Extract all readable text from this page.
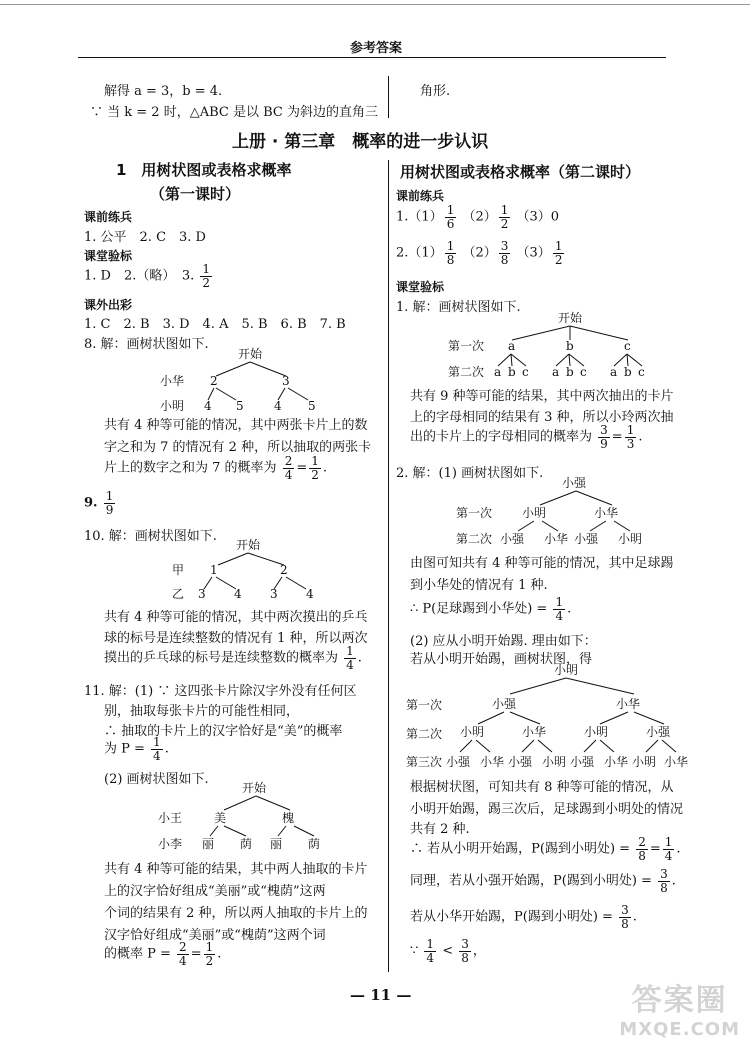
参考答案
解得 a = 3，b = 4.
∵ 当 k = 2 时，△ABC 是以 BC 为斜边的直角三
角形.
上册 · 第三章　概率的进一步认识
1　用树状图或表格求概率
（第一课时）
课前练兵
1. 公平　2. C　3. D
课堂验标
1. D　2.（略）　3. $\frac{1}{2}$
课外出彩
1. C　2. B　3. D　4. A　5. B　6. B　7. B
8. 解：画树状图如下.
开始
小华 2	3
小明 4 5	4 5
共有 4 种等可能的情况，其中两张卡片上的数
字之和为 7 的情况有 2 种，所以抽取的两张卡
片上的数字之和为 7 的概率为 $\frac{2}{4} = \frac{1}{2}$ .
9. $\frac{1}{9}$
10. 解：画树状图如下.
开始
甲 1	2
乙 3 4 3 4
共有 4 种等可能的情况，其中两次摸出的乒乓
球的标号是连续整数的情况有 1 种，所以两次
摸出的乒乓球的标号是连续整数的概率为 $\frac{1}{4}$ .
11. 解：(1) ∵ 这四张卡片除汉字外没有任何区
别，抽取每张卡片的可能性相同，
∴ 抽取的卡片上的汉字恰好是“美”的概率
为 $P = \frac{1}{4}$ .
(2) 画树状图如下.
开始
小王	美	槐
小李 丽 荫 丽 荫
共有 4 种等可能的结果，其中两人抽取的卡片
上的汉字恰好组成“美丽”或“槐荫”这两
个词的结果有 2 种，所以两人抽取的卡片上的
汉字恰好组成“美丽”或“槐荫”这两个词
的概率 $P = \frac{2}{4} = \frac{1}{2}$ .
用树状图或表格求概率（第二课时）
课前练兵
$1.(1) \frac{1}{6} (2) \frac{1}{2} (3)0$
$2.(1) \frac{1}{8} (2) \frac{3}{8} (3) \frac{1}{2}$
课堂验标
1. 解：画树状图如下.
开始
第一次 a	b	c
第二次 a b c a b c a b c
共有 9 种等可能的结果，其中两次抽出的卡片
上的字母相同的结果有 3 种，所以小玲两次抽
出的卡片上的字母相同的概率为 $\frac{3}{9} = \frac{1}{3}$ .
2. 解：(1) 画树状图如下.
小强
第一次 小明	小华
第二次 小强 小华 小强 小明
由图可知共有 4 种等可能的情况，其中足球踢
到小华处的情况有 1 种.
∴ P(足球踢到小华处) = $\frac{1}{4}$ .
(2) 应从小明开始踢. 理由如下：
若从小明开始踢，画树状图，得
小明
第一次	小强	小华
第二次 小明	小华	小明	小强
第三次 小强 小华 小强 小明 小强 小华 小明 小华
根据树状图，可知共有 8 种等可能的情况，从
小明开始踢，踢三次后，足球踢到小明处的情况
共有 2 种.
∴ 若从小明开始踢，P(踢到小明处) = $\frac{2}{8} = \frac{1}{4}$ .
同理，若从小强开始踢，P(踢到小明处) = $\frac{3}{8}$ .
若从小华开始踢，P(踢到小明处) = $\frac{3}{8}$ .
∵ $\frac{1}{4} < \frac{3}{8}$ ，
— 11 —	答案圈
MXQE.COM
